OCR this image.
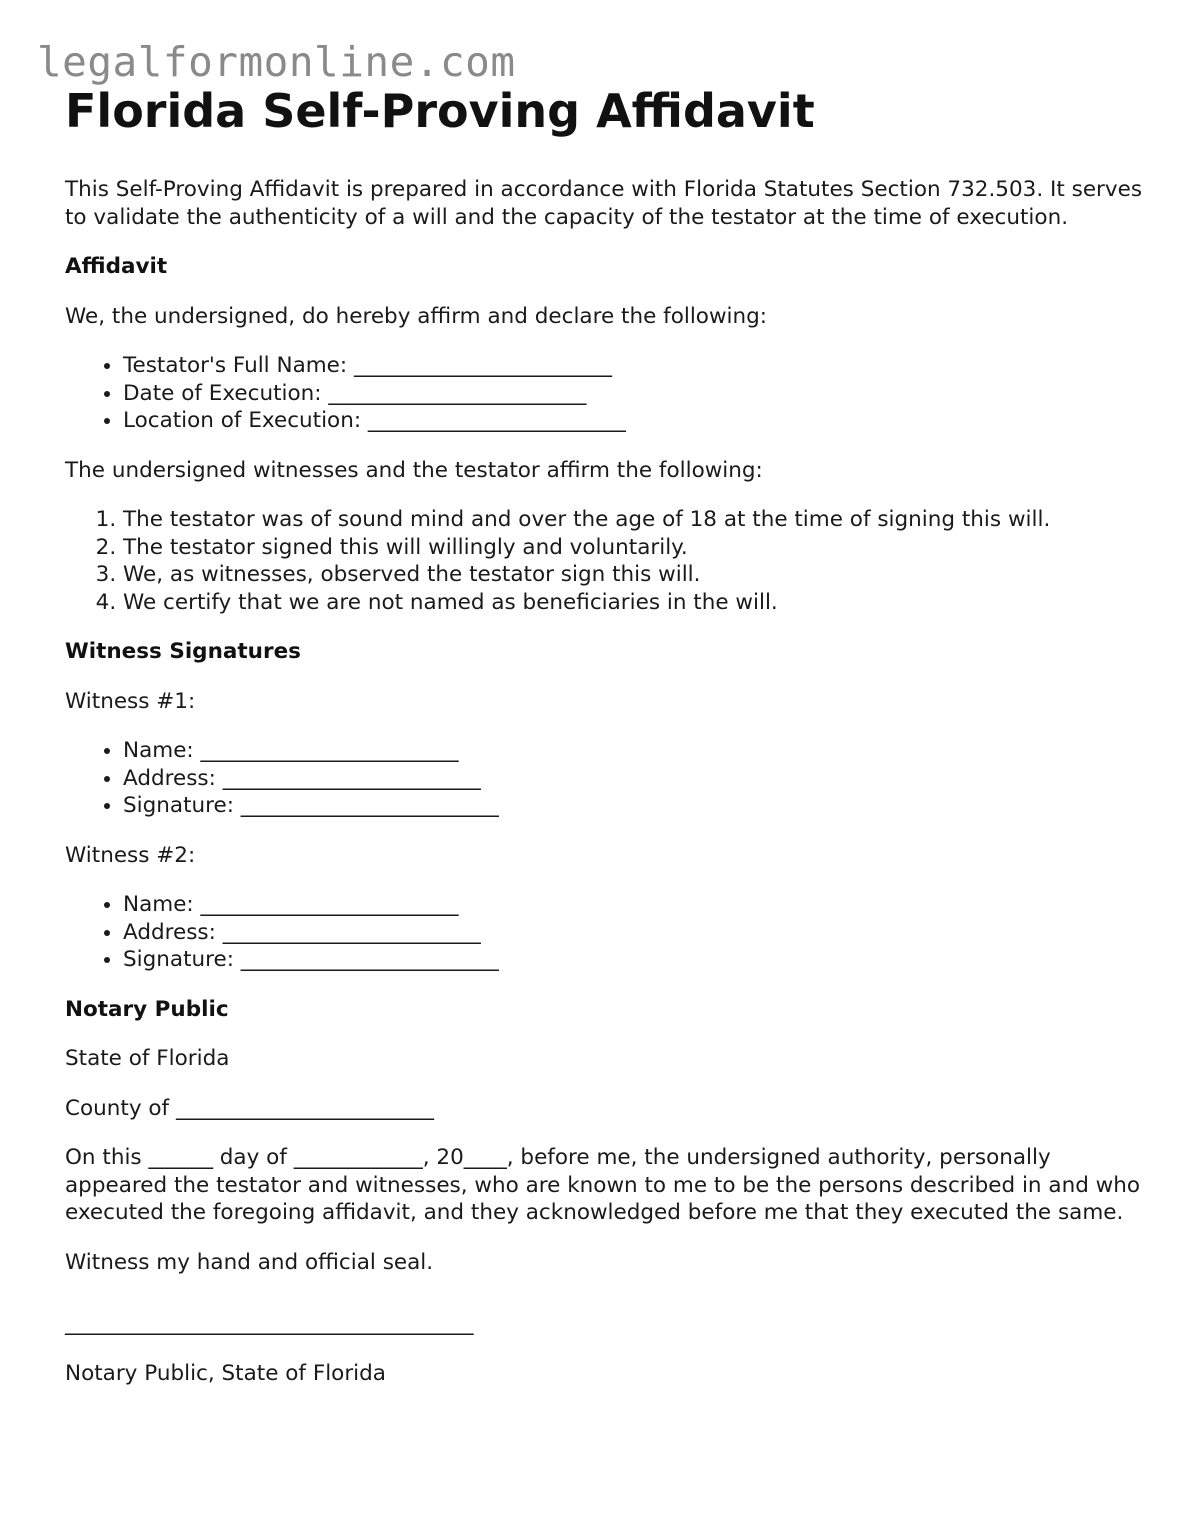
legalformonline.com
Florida Self-Proving Affidavit

This Self-Proving Affidavit is prepared in accordance with Florida Statutes Section 732.503. It serves to validate the authenticity of a will and the capacity of the testator at the time of execution.

Affidavit

We, the undersigned, do hereby affirm and declare the following:

• Testator's Full Name: ________________________
• Date of Execution: ________________________
• Location of Execution: ________________________

The undersigned witnesses and the testator affirm the following:

1. The testator was of sound mind and over the age of 18 at the time of signing this will.
2. The testator signed this will willingly and voluntarily.
3. We, as witnesses, observed the testator sign this will.
4. We certify that we are not named as beneficiaries in the will.
Witness Signatures

Witness #1:

• Name: ________________________
• Address: ________________________
• Signature: ________________________

Witness #2:

• Name: ________________________
• Address: ________________________
• Signature: ________________________
Notary Public

State of Florida

County of ________________________

On this ______ day of ____________, 20____, before me, the undersigned authority, personally appeared the testator and witnesses, who are known to me to be the persons described in and who executed the foregoing affidavit, and they acknowledged before me that they executed the same.

Witness my hand and official seal.

______________________________________

Notary Public, State of Florida
